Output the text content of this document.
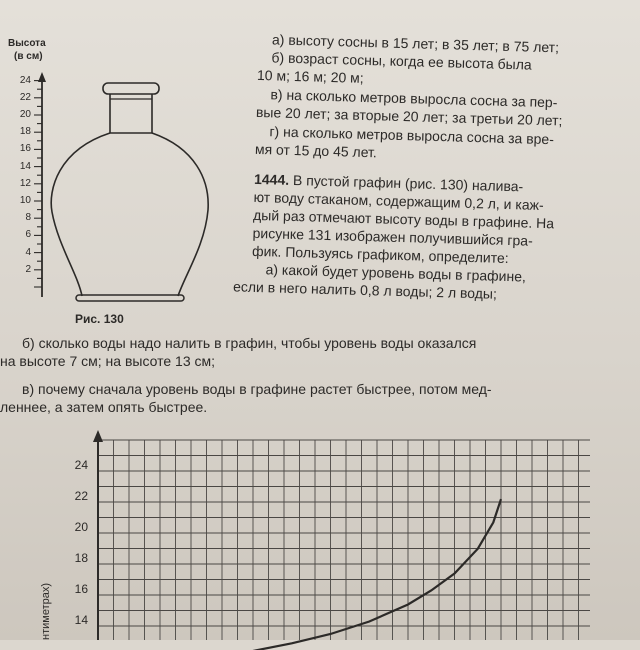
Высота
(в см)
24
22
20
18
16
14
12
10
8
6
4
2
Рис. 130
а) высоту сосны в 15 лет; в 35 лет; в 75 лет;
б) возраст сосны, когда ее высота была
10 м; 16 м; 20 м;
в) на сколько метров выросла сосна за пер-
вые 20 лет; за вторые 20 лет; за третьи 20 лет;
г) на сколько метров выросла сосна за вре-
мя от 15 до 45 лет.
1444. В пустой графин (рис. 130) налива-
ют воду стаканом, содержащим 0,2 л, и каж-
дый раз отмечают высоту воды в графине. На
рисунке 131 изображен получившийся гра-
фик. Пользуясь графиком, определите:
а) какой будет уровень воды в графине,
если в него налить 0,8 л воды; 2 л воды;
б) сколько воды надо налить в графин, чтобы уровень воды оказался
на высоте 7 см; на высоте 13 см;
в) почему сначала уровень воды в графине растет быстрее, потом мед-
леннее, а затем опять быстрее.
24
22
20
18
16
14
нтиметрах)
